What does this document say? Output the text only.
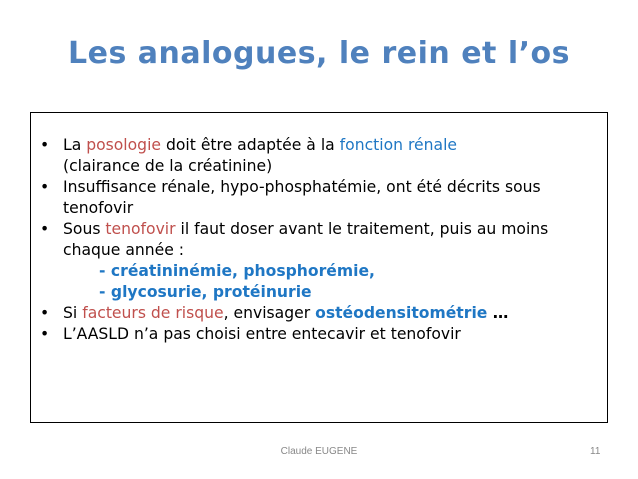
Les analogues, le rein et l’os
• La posologie doit être adaptée à la fonction rénale
(clairance de la créatinine)
• Insuffisance rénale, hypo-phosphatémie, ont été décrits sous tenofovir
• Sous tenofovir il faut doser avant le traitement, puis au moins chaque année :
- créatininémie, phosphorémie,
- glycosurie, protéinurie
• Si facteurs de risque, envisager ostéodensitométrie …
• L’AASLD n’a pas choisi entre entecavir et tenofovir
Claude EUGENE	11
